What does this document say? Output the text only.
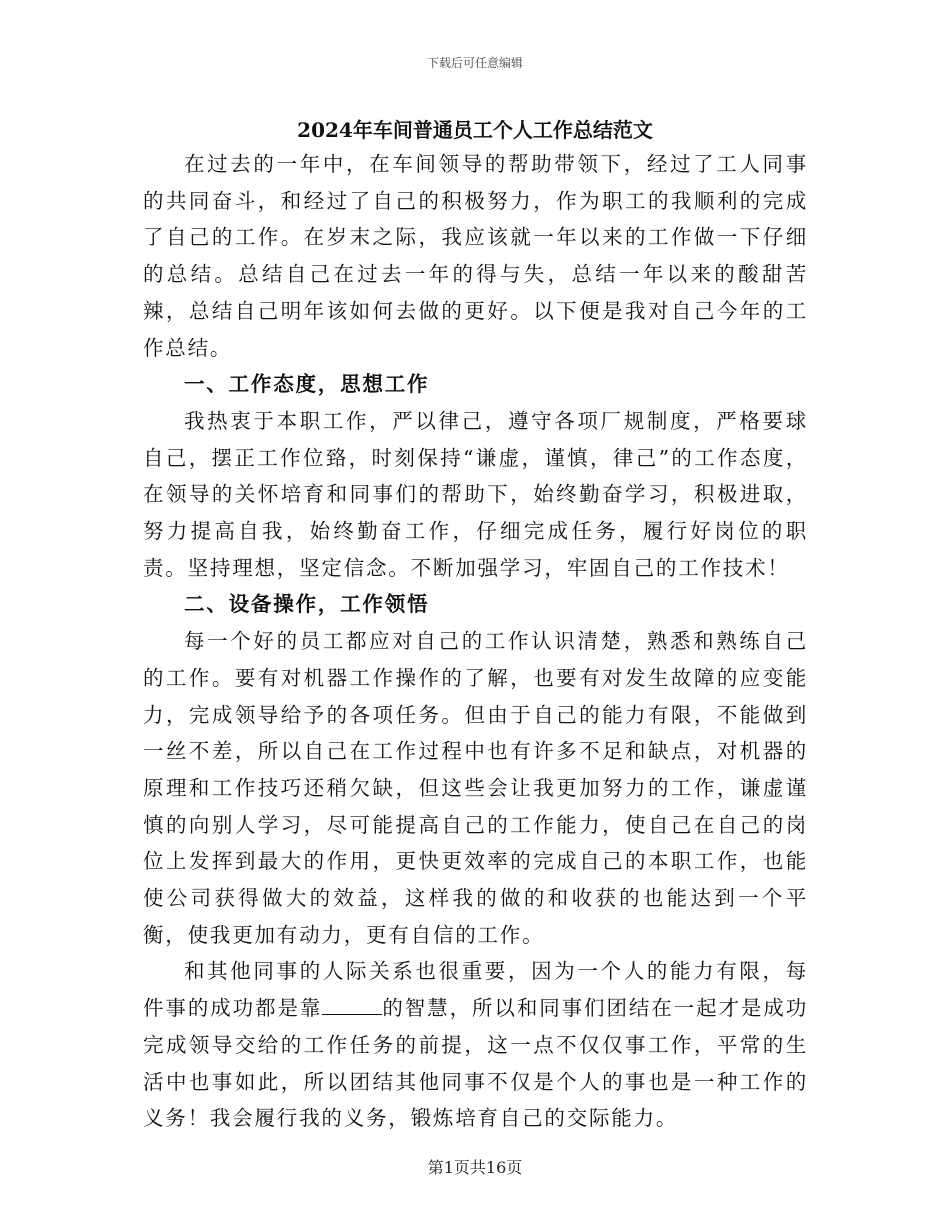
下载后可任意编辑
2024年车间普通员工个人工作总结范文

在过去的一年中，在车间领导的帮助带领下，经过了工人同事的共同奋斗，和经过了自己的积极努力，作为职工的我顺利的完成了自己的工作。在岁末之际，我应该就一年以来的工作做一下仔细的总结。总结自己在过去一年的得与失，总结一年以来的酸甜苦辣，总结自己明年该如何去做的更好。以下便是我对自己今年的工作总结。

一、工作态度，思想工作

我热衷于本职工作，严以律己，遵守各项厂规制度，严格要球自己，摆正工作位臵，时刻保持“谦虚，谨慎，律己”的工作态度，在领导的关怀培育和同事们的帮助下，始终勤奋学习，积极进取，努力提高自我，始终勤奋工作，仔细完成任务，履行好岗位的职责。坚持理想，坚定信念。不断加强学习，牢固自己的工作技术！

二、设备操作，工作领悟

每一个好的员工都应对自己的工作认识清楚，熟悉和熟练自己的工作。要有对机器工作操作的了解，也要有对发生故障的应变能力，完成领导给予的各项任务。但由于自己的能力有限，不能做到一丝不差，所以自己在工作过程中也有许多不足和缺点，对机器的原理和工作技巧还稍欠缺，但这些会让我更加努力的工作，谦虚谨慎的向别人学习，尽可能提高自己的工作能力，使自己在自己的岗位上发挥到最大的作用，更快更效率的完成自己的本职工作，也能使公司获得做大的效益，这样我的做的和收获的也能达到一个平衡，使我更加有动力，更有自信的工作。

和其他同事的人际关系也很重要，因为一个人的能力有限，每件事的成功都是靠	的智慧，所以和同事们团结在一起才是成功完成领导交给的工作任务的前提，这一点不仅仅事工作，平常的生活中也事如此，所以团结其他同事不仅是个人的事也是一种工作的义务！我会履行我的义务，锻炼培育自己的交际能力。

第1页共16页
